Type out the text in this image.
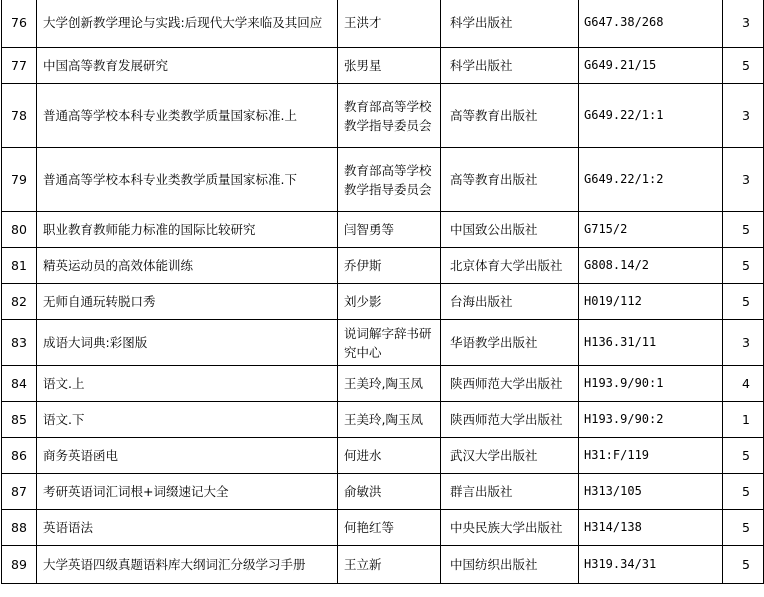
76	大学创新教学理论与实践:后现代大学来临及其回应	王洪才	科学出版社	G647.38/268	3
77	中国高等教育发展研究	张男星	科学出版社	G649.21/15	5
78	普通高等学校本科专业类教学质量国家标准.上	教育部高等学校教学指导委员会	高等教育出版社	G649.22/1:1	3
79	普通高等学校本科专业类教学质量国家标准.下	教育部高等学校教学指导委员会	高等教育出版社	G649.22/1:2	3
80	职业教育教师能力标准的国际比较研究	闫智勇等	中国致公出版社	G715/2	5
81	精英运动员的高效体能训练	乔伊斯	北京体育大学出版社	G808.14/2	5
82	无师自通玩转脱口秀	刘少影	台海出版社	H019/112	5
83	成语大词典:彩图版	说词解字辞书研究中心	华语教学出版社	H136.31/11	3
84	语文.上	王美玲,陶玉凤	陕西师范大学出版社	H193.9/90:1	4
85	语文.下	王美玲,陶玉凤	陕西师范大学出版社	H193.9/90:2	1
86	商务英语函电	何进水	武汉大学出版社	H31:F/119	5
87	考研英语词汇词根+词缀速记大全	俞敏洪	群言出版社	H313/105	5
88	英语语法	何艳红等	中央民族大学出版社	H314/138	5
89	大学英语四级真题语料库大纲词汇分级学习手册	王立新	中国纺织出版社	H319.34/31	5
